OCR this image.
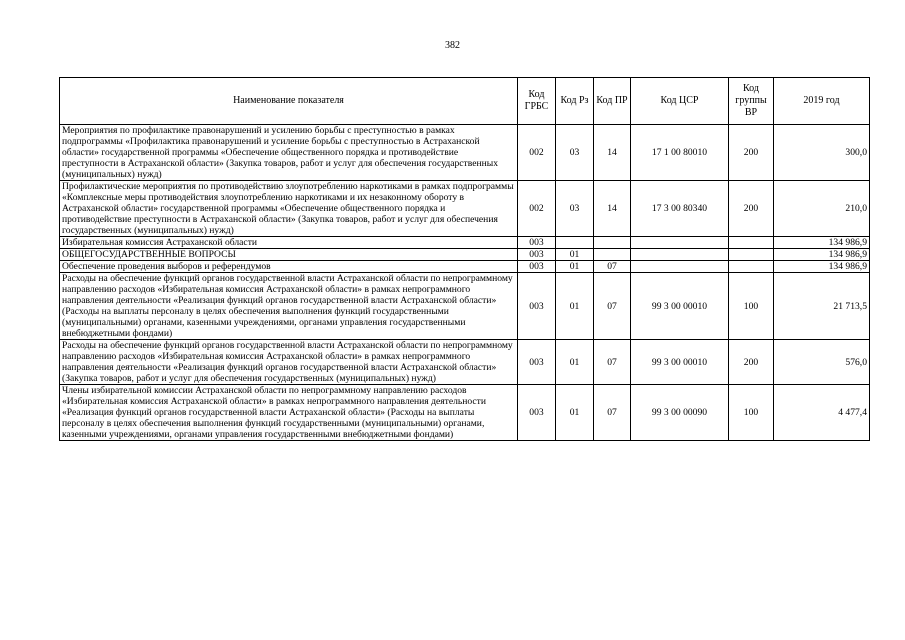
382
Наименование показателя	Код ГРБС	Код Рз	Код ПР	Код ЦСР	Код группы ВР	2019 год
Мероприятия по профилактике правонарушений и усилению борьбы с преступностью в рамках подпрограммы «Профилактика правонарушений и усиление борьбы с преступностью в Астраханской области» государственной программы «Обеспечение общественного порядка и противодействие преступности в Астраханской области» (Закупка товаров, работ и услуг для обеспечения государственных (муниципальных) нужд)	002	03	14	17 1 00 80010	200	300,0
Профилактические мероприятия по противодействию злоупотреблению наркотиками в рамках подпрограммы «Комплексные меры противодействия злоупотреблению наркотиками и их незаконному обороту в Астраханской области» государственной программы «Обеспечение общественного порядка и противодействие преступности в Астраханской области» (Закупка товаров, работ и услуг для обеспечения государственных (муниципальных) нужд)	002	03	14	17 3 00 80340	200	210,0
Избирательная комиссия Астраханской области	003					134 986,9
ОБЩЕГОСУДАРСТВЕННЫЕ ВОПРОСЫ	003	01				134 986,9
Обеспечение проведения выборов и референдумов	003	01	07			134 986,9
Расходы на обеспечение функций органов государственной власти Астраханской области по непрограммному направлению расходов «Избирательная комиссия Астраханской области» в рамках непрограммного направления деятельности «Реализация функций органов государственной власти Астраханской области» (Расходы на выплаты персоналу в целях обеспечения выполнения функций государственными (муниципальными) органами, казенными учреждениями, органами управления государственными внебюджетными фондами)	003	01	07	99 3 00 00010	100	21 713,5
Расходы на обеспечение функций органов государственной власти Астраханской области по непрограммному направлению расходов «Избирательная комиссия Астраханской области» в рамках непрограммного направления деятельности «Реализация функций органов государственной власти Астраханской области» (Закупка товаров, работ и услуг для обеспечения государственных (муниципальных) нужд)	003	01	07	99 3 00 00010	200	576,0
Члены избирательной комиссии Астраханской области по непрограммному направлению расходов «Избирательная комиссия Астраханской области» в рамках непрограммного направления деятельности «Реализация функций органов государственной власти Астраханской области» (Расходы на выплаты персоналу в целях обеспечения выполнения функций государственными (муниципальными) органами, казенными учреждениями, органами управления государственными внебюджетными фондами)	003	01	07	99 3 00 00090	100	4 477,4
